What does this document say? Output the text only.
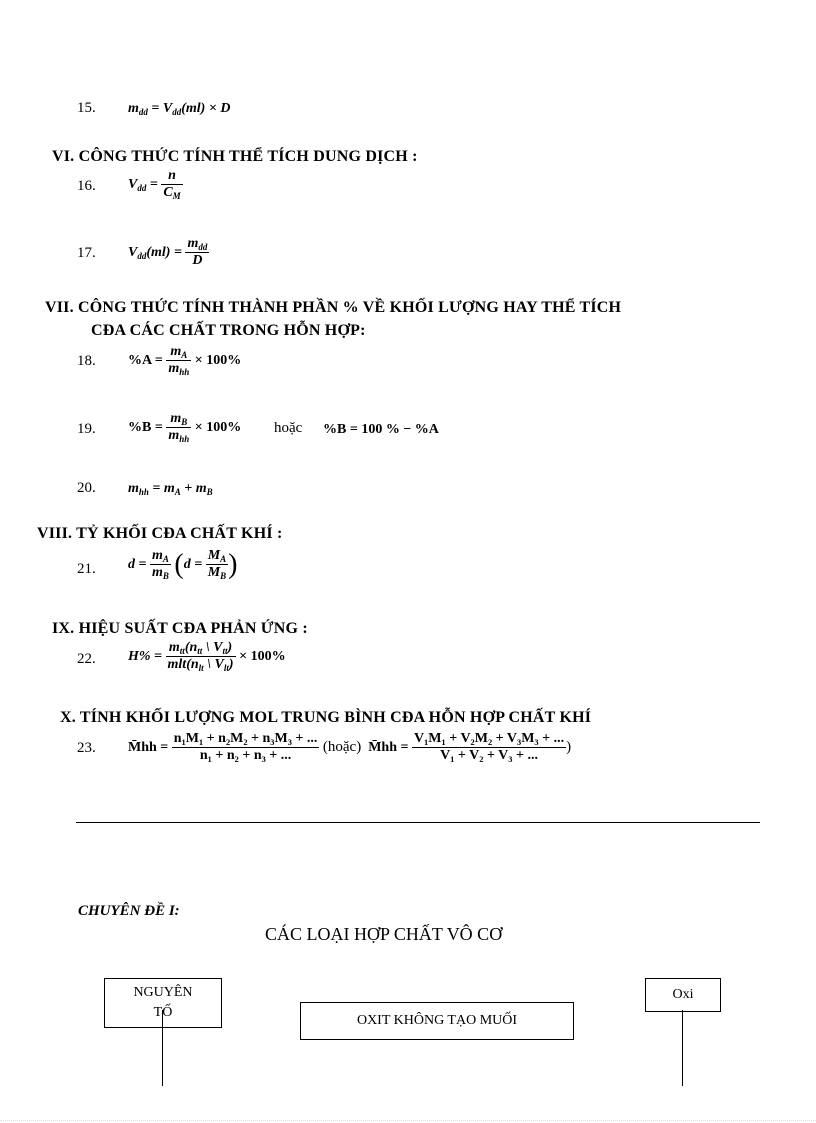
15. $m_{dd} = V_{dd}(ml) \times D$
VI. CÔNG THỨC TÍNH THỂ TÍCH DUNG DỊCH :
16. $V_{dd} = \frac{n}{C_M}$
17. $V_{dd}(ml) = \frac{m_{dd}}{D}$
VII. CÔNG THỨC TÍNH THÀNH PHẦN % VỀ KHỐI LƯỢNG HAY THỂ TÍCH
CĐA CÁC CHẤT TRONG HỖN HỢP:
18. $\%A = \frac{m_A}{m_{hh}} \times 100\%$
19. $\%B = \frac{m_B}{m_{hh}} \times 100\%$ hoặc %B = 100 % − %A
20. $m_{hh} = m_A + m_B$
VIII. TỶ KHỐI CĐA CHẤT KHÍ :
21. $d = \frac{m_A}{m_B} (d = \frac{M_A}{M_B}$ )
IX. HIỆU SUẤT CĐA PHẢN ỨNG :
22. $H\% = \frac{m_{tt}(n_{tt} \backslash V_{tt})}{mlt(n_{lt} \backslash V_{lt})} \times 100\%$
X. TÍNH KHỐI LƯỢNG MOL TRUNG BÌNH CĐA HỖN HỢP CHẤT KHÍ
23. M̄hh = $\frac{\text{n₁M₁ + n₂M₂ + n₃M₃ + ...}}{\text{n₁ + n₂ + n₃ + ...}}$ (hoặc) M̄hh = $\frac{\text{V₁M₁ + V₂M₂ + V₃M₃ + ...}}{\text{V₁ + V₂ + V₃ + ...}}$ )
CHUYÊN ĐỀ I:
CÁC LOẠI HỢP CHẤT VÔ CƠ
NGUYÊN
TỐ
OXIT KHÔNG TẠO MUỐI
Oxi
